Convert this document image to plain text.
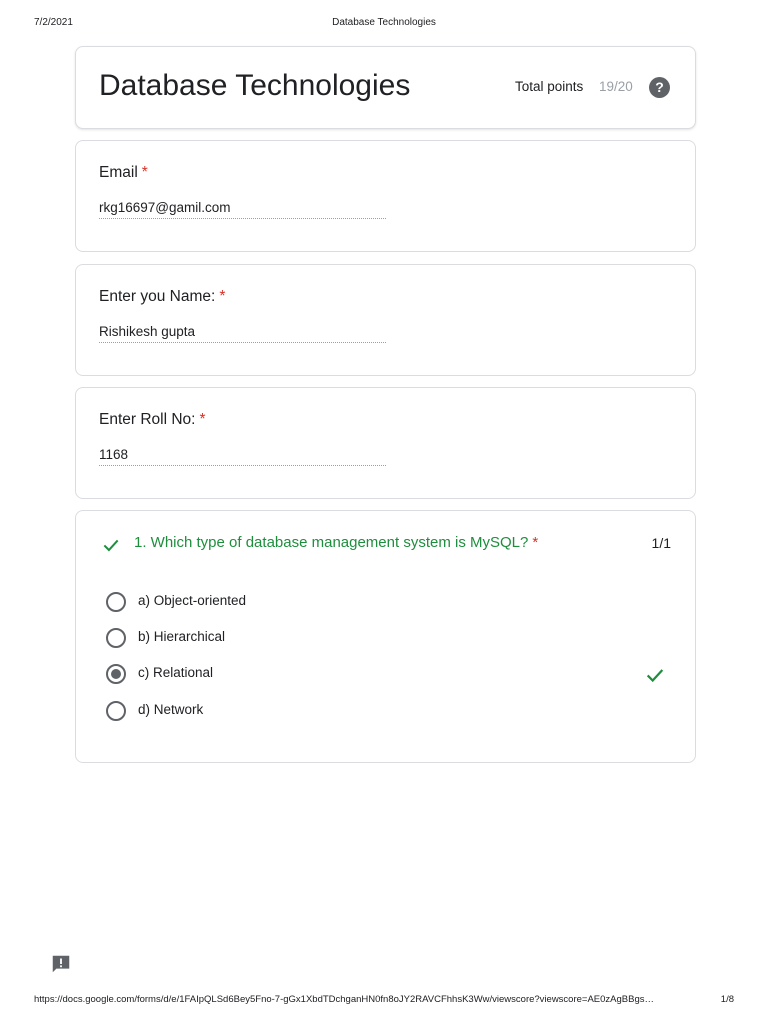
7/2/2021	Database Technologies
Database Technologies	Total points 19/20	?
Email *
rkg16697@gamil.com
Enter you Name: *
Rishikesh gupta
Enter Roll No: *
1168
1. Which type of database management system is MySQL? *	1/1
a) Object-oriented
b) Hierarchical
c) Relational
d) Network
https://docs.google.com/forms/d/e/1FAIpQLSd6Bey5Fno-7-gGx1XbdTDchganHN0fn8oJY2RAVCFhhsK3Ww/viewscore?viewscore=AE0zAgBBgs…	1/8
